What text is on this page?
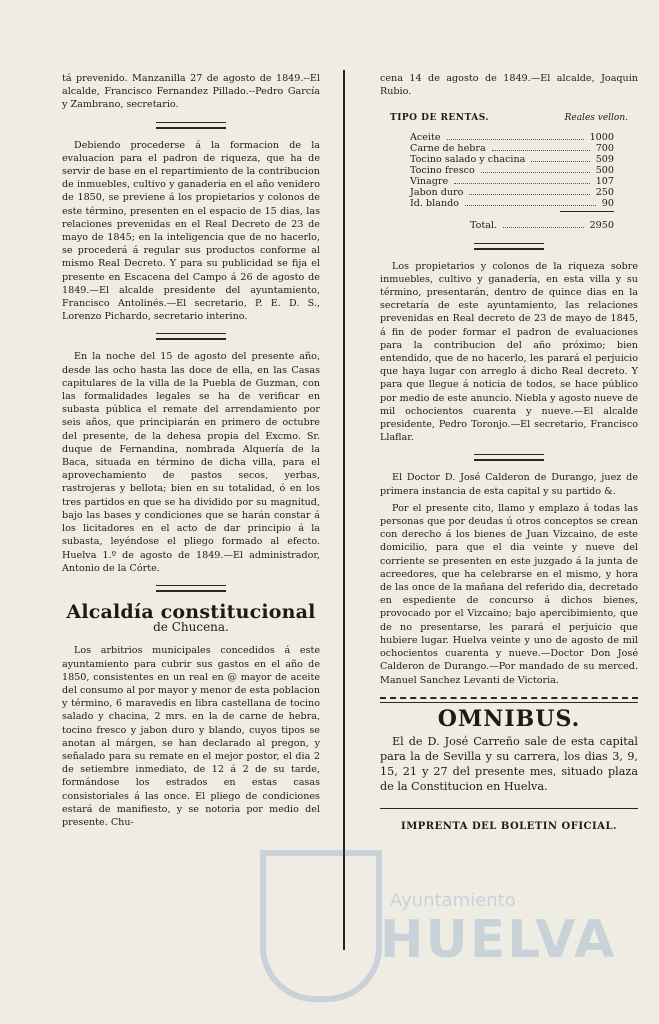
tá prevenido. Manzanilla 27 de agosto de 1849.--El alcalde, Francisco Fernandez Pillado.--Pedro García y Zambrano, secretario.

Debiendo procederse á la formacion de la evaluacion para el padron de riqueza, que ha de servir de base en el repartimiento de la contribucion de inmuebles, cultivo y ganaderia en el año venidero de 1850, se previene á los propietarios y colonos de este término, presenten en el espacio de 15 dias, las relaciones prevenidas en el Real Decreto de 23 de mayo de 1845; en la inteligencia que de no hacerlo, se procederá á regular sus productos conforme al mismo Real Decreto. Y para su publicidad se fija el presente en Escacena del Campo á 26 de agosto de 1849.—El alcalde presidente del ayuntamiento, Francisco Antolinés.—El secretario, P. E. D. S., Lorenzo Pichardo, secretario interino.

En la noche del 15 de agosto del presente año, desde las ocho hasta las doce de ella, en las Casas capitulares de la villa de la Puebla de Guzman, con las formalidades legales se ha de verificar en subasta pública el remate del arrendamiento por seis años, que principiarán en primero de octubre del presente, de la dehesa propia del Excmo. Sr. duque de Fernandina, nombrada Alquería de la Baca, situada en término de dicha villa, para el aprovechamiento de pastos secos, yerbas, rastrojeras y bellota; bien en su totalidad, ó en los tres partidos en que se ha dividido por su magnitud, bajo las bases y condiciones que se harán constar á los licitadores en el acto de dar principio á la subasta, leyéndose el pliego formado al efecto. Huelva 1.º de agosto de 1849.—El administrador, Antonio de la Córte.

Alcaldía constitucional
de Chucena.

Los arbitrios municipales concedidos á este ayuntamiento para cubrir sus gastos en el año de 1850, consistentes en un real en @ mayor de aceite del consumo al por mayor y menor de esta poblacion y término, 6 maravedis en libra castellana de tocino salado y chacina, 2 mrs. en la de carne de hebra, tocino fresco y jabon duro y blando, cuyos tipos se anotan al márgen, se han declarado al pregon, y señalado para su remate en el mejor postor, el dia 2 de setiembre inmediato, de 12 á 2 de su tarde, formándose los estrados en estas casas consistoriales á las once. El pliego de condiciones estará de manifiesto, y se notoria por medio del presente. Chu-

cena 14 de agosto de 1849.—El alcalde, Joaquin Rubio.

TIPO DE RENTAS.	Reales vellon.
Aceite	1000
Carne de hebra	700
Tocino salado y chacina	509
Tocino fresco	500
Vinagre	107
Jabon duro	250
Id. blando	90
Total.	2950

Los propietarios y colonos de la riqueza sobre inmuebles, cultivo y ganadería, en esta villa y su término, presentarán, dentro de quince dias en la secretaría de este ayuntamiento, las relaciones prevenidas en Real decreto de 23 de mayo de 1845, á fin de poder formar el padron de evaluaciones para la contribucion del año próximo; bien entendido, que de no hacerlo, les parará el perjuicio que haya lugar con arreglo á dicho Real decreto. Y para que llegue á noticia de todos, se hace público por medio de este anuncio. Niebla y agosto nueve de mil ochocientos cuarenta y nueve.—El alcalde presidente, Pedro Toronjo.—El secretario, Francisco Llaflar.

El Doctor D. José Calderon de Durango, juez de primera instancia de esta capital y su partido &.

Por el presente cito, llamo y emplazo á todas las personas que por deudas ú otros conceptos se crean con derecho á los bienes de Juan Vizcaino, de este domicilio, para que el dia veinte y nueve del corriente se presenten en este juzgado á la junta de acreedores, que ha celebrarse en el mismo, y hora de las once de la mañana del referido dia, decretado en espediente de concurso á dichos bienes, provocado por el Vizcaino; bajo apercibimiento, que de no presentarse, les parará el perjuicio que hubiere lugar. Huelva veinte y uno de agosto de mil ochocientos cuarenta y nueve.—Doctor Don José Calderon de Durango.—Por mandado de su merced. Manuel Sanchez Levanti de Victoria.

OMNIBUS.

El de D. José Carreño sale de esta capital para la de Sevilla y su carrera, los dias 3, 9, 15, 21 y 27 del presente mes, situado plaza de la Constitucion en Huelva.

IMPRENTA DEL BOLETIN OFICIAL.
Ayuntamiento
HUELVA
